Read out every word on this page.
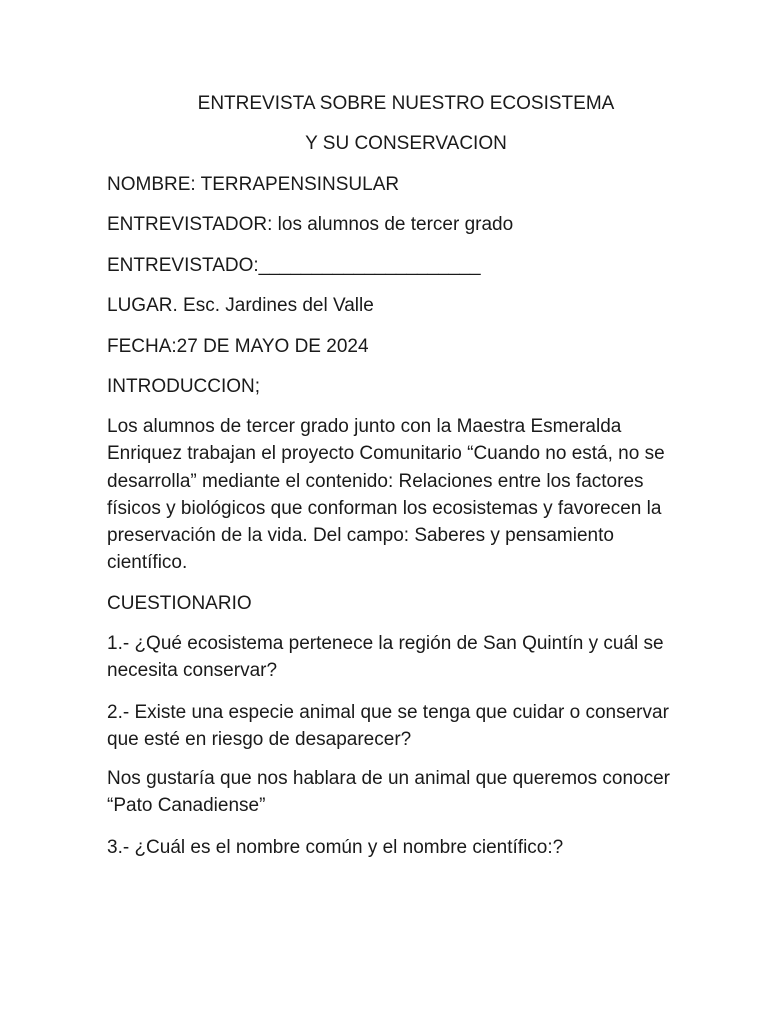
ENTREVISTA SOBRE NUESTRO ECOSISTEMA

Y SU CONSERVACION

NOMBRE: TERRAPENSINSULAR

ENTREVISTADOR: los alumnos de tercer grado

ENTREVISTADO:_____________________

LUGAR. Esc. Jardines del Valle

FECHA:27 DE MAYO DE 2024

INTRODUCCION;

Los alumnos de tercer grado junto con la Maestra Esmeralda
Enriquez trabajan el proyecto Comunitario “Cuando no está, no se
desarrolla” mediante el contenido: Relaciones entre los factores
físicos y biológicos que conforman los ecosistemas y favorecen la
preservación de la vida. Del campo: Saberes y pensamiento
científico.

CUESTIONARIO

1.- ¿Qué ecosistema pertenece la región de San Quintín y cuál se
necesita conservar?
2.- Existe una especie animal que se tenga que cuidar o conservar
que esté en riesgo de desaparecer?
Nos gustaría que nos hablara de un animal que queremos conocer
“Pato Canadiense”

3.- ¿Cuál es el nombre común y el nombre científico:?
